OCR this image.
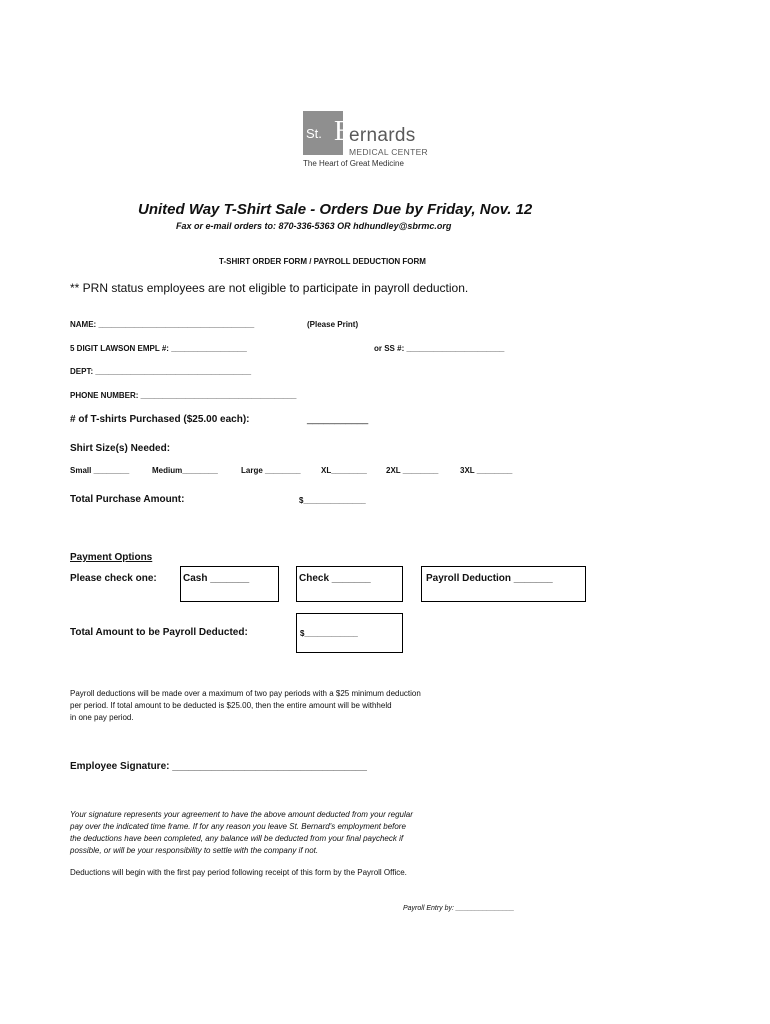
St. B
ernards
MEDICAL CENTER
The Heart of Great Medicine
United Way T-Shirt Sale - Orders Due by Friday, Nov. 12
Fax or e-mail orders to: 870-336-5363 OR hdhundley@sbrmc.org
T-SHIRT ORDER FORM / PAYROLL DEDUCTION FORM
** PRN status employees are not eligible to participate in payroll deduction.
NAME: ___________________________________	(Please Print)
5 DIGIT LAWSON EMPL #: _________________	or SS #: ______________________
DEPT: ___________________________________
PHONE NUMBER: ___________________________________
# of T-shirts Purchased ($25.00 each):	___________
Shirt Size(s) Needed:
Small ________	Medium________	Large ________	XL________ 2XL ________	3XL ________
Total Purchase Amount:	$______________
Payment Options
Please check one:	Cash _______	Check _______	Payroll Deduction _______
Total Amount to be Payroll Deducted:	$____________
Payroll deductions will be made over a maximum of two pay periods with a $25 minimum deduction
per period. If total amount to be deducted is $25.00, then the entire amount will be withheld
in one pay period.
Employee Signature: ___________________________________
Your signature represents your agreement to have the above amount deducted from your regular
pay over the indicated time frame. If for any reason you leave St. Bernard's employment before
the deductions have been completed, any balance will be deducted from your final paycheck if
possible, or will be your responsibility to settle with the company if not.
Deductions will begin with the first pay period following receipt of this form by the Payroll Office.
Payroll Entry by: _______________
